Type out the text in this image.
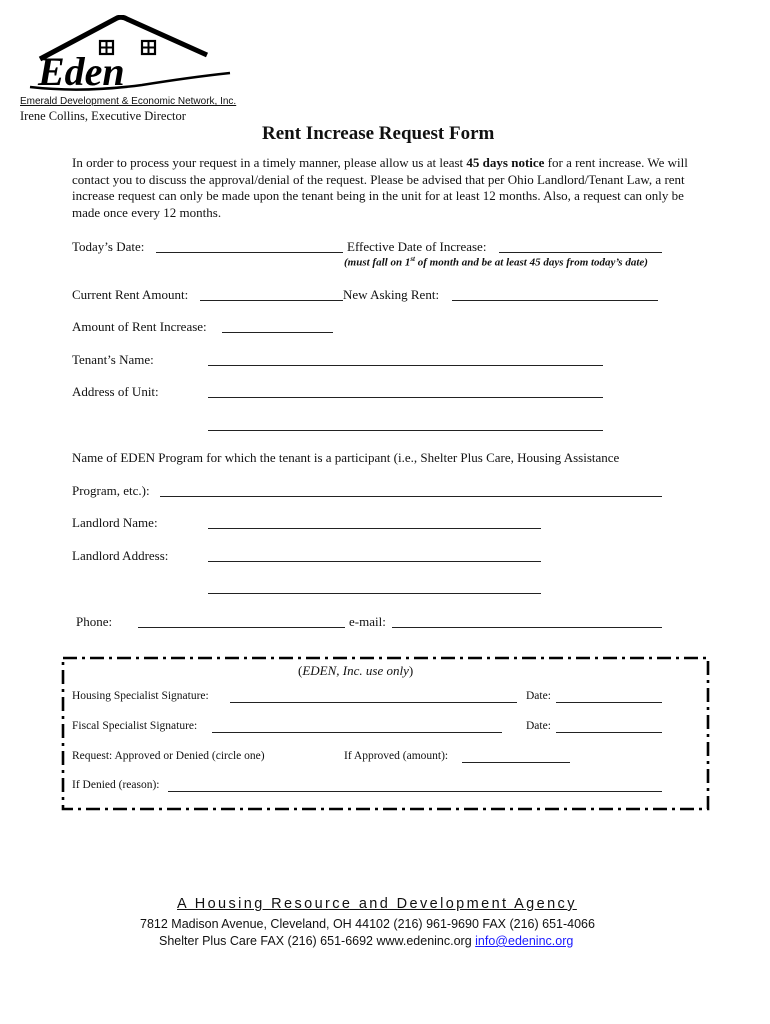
Eden
Emerald Development & Economic Network, Inc.
Irene Collins, Executive Director
Rent Increase Request Form
In order to process your request in a timely manner, please allow us at least 45 days notice for a rent increase. We will contact you to discuss the approval/denial of the request. Please be advised that per Ohio Landlord/Tenant Law, a rent increase request can only be made upon the tenant being in the unit for at least 12 months. Also, a request can only be made once every 12 months.
Today’s Date:	Effective Date of Increase:
(must fall on 1st of month and be at least 45 days from today’s date)
Current Rent Amount:	New Asking Rent:
Amount of Rent Increase:
Tenant’s Name:
Address of Unit:
Name of EDEN Program for which the tenant is a participant (i.e., Shelter Plus Care, Housing Assistance
Program, etc.):
Landlord Name:
Landlord Address:
Phone:	e-mail:
(EDEN, Inc. use only)
Housing Specialist Signature:	Date:
Fiscal Specialist Signature:	Date:
Request: Approved or Denied (circle one)	If Approved (amount):
If Denied (reason):
A Housing Resource and Development Agency
7812 Madison Avenue, Cleveland, OH 44102 (216) 961-9690 FAX (216) 651-4066
Shelter Plus Care FAX (216) 651-6692 www.edeninc.org info@edeninc.org
